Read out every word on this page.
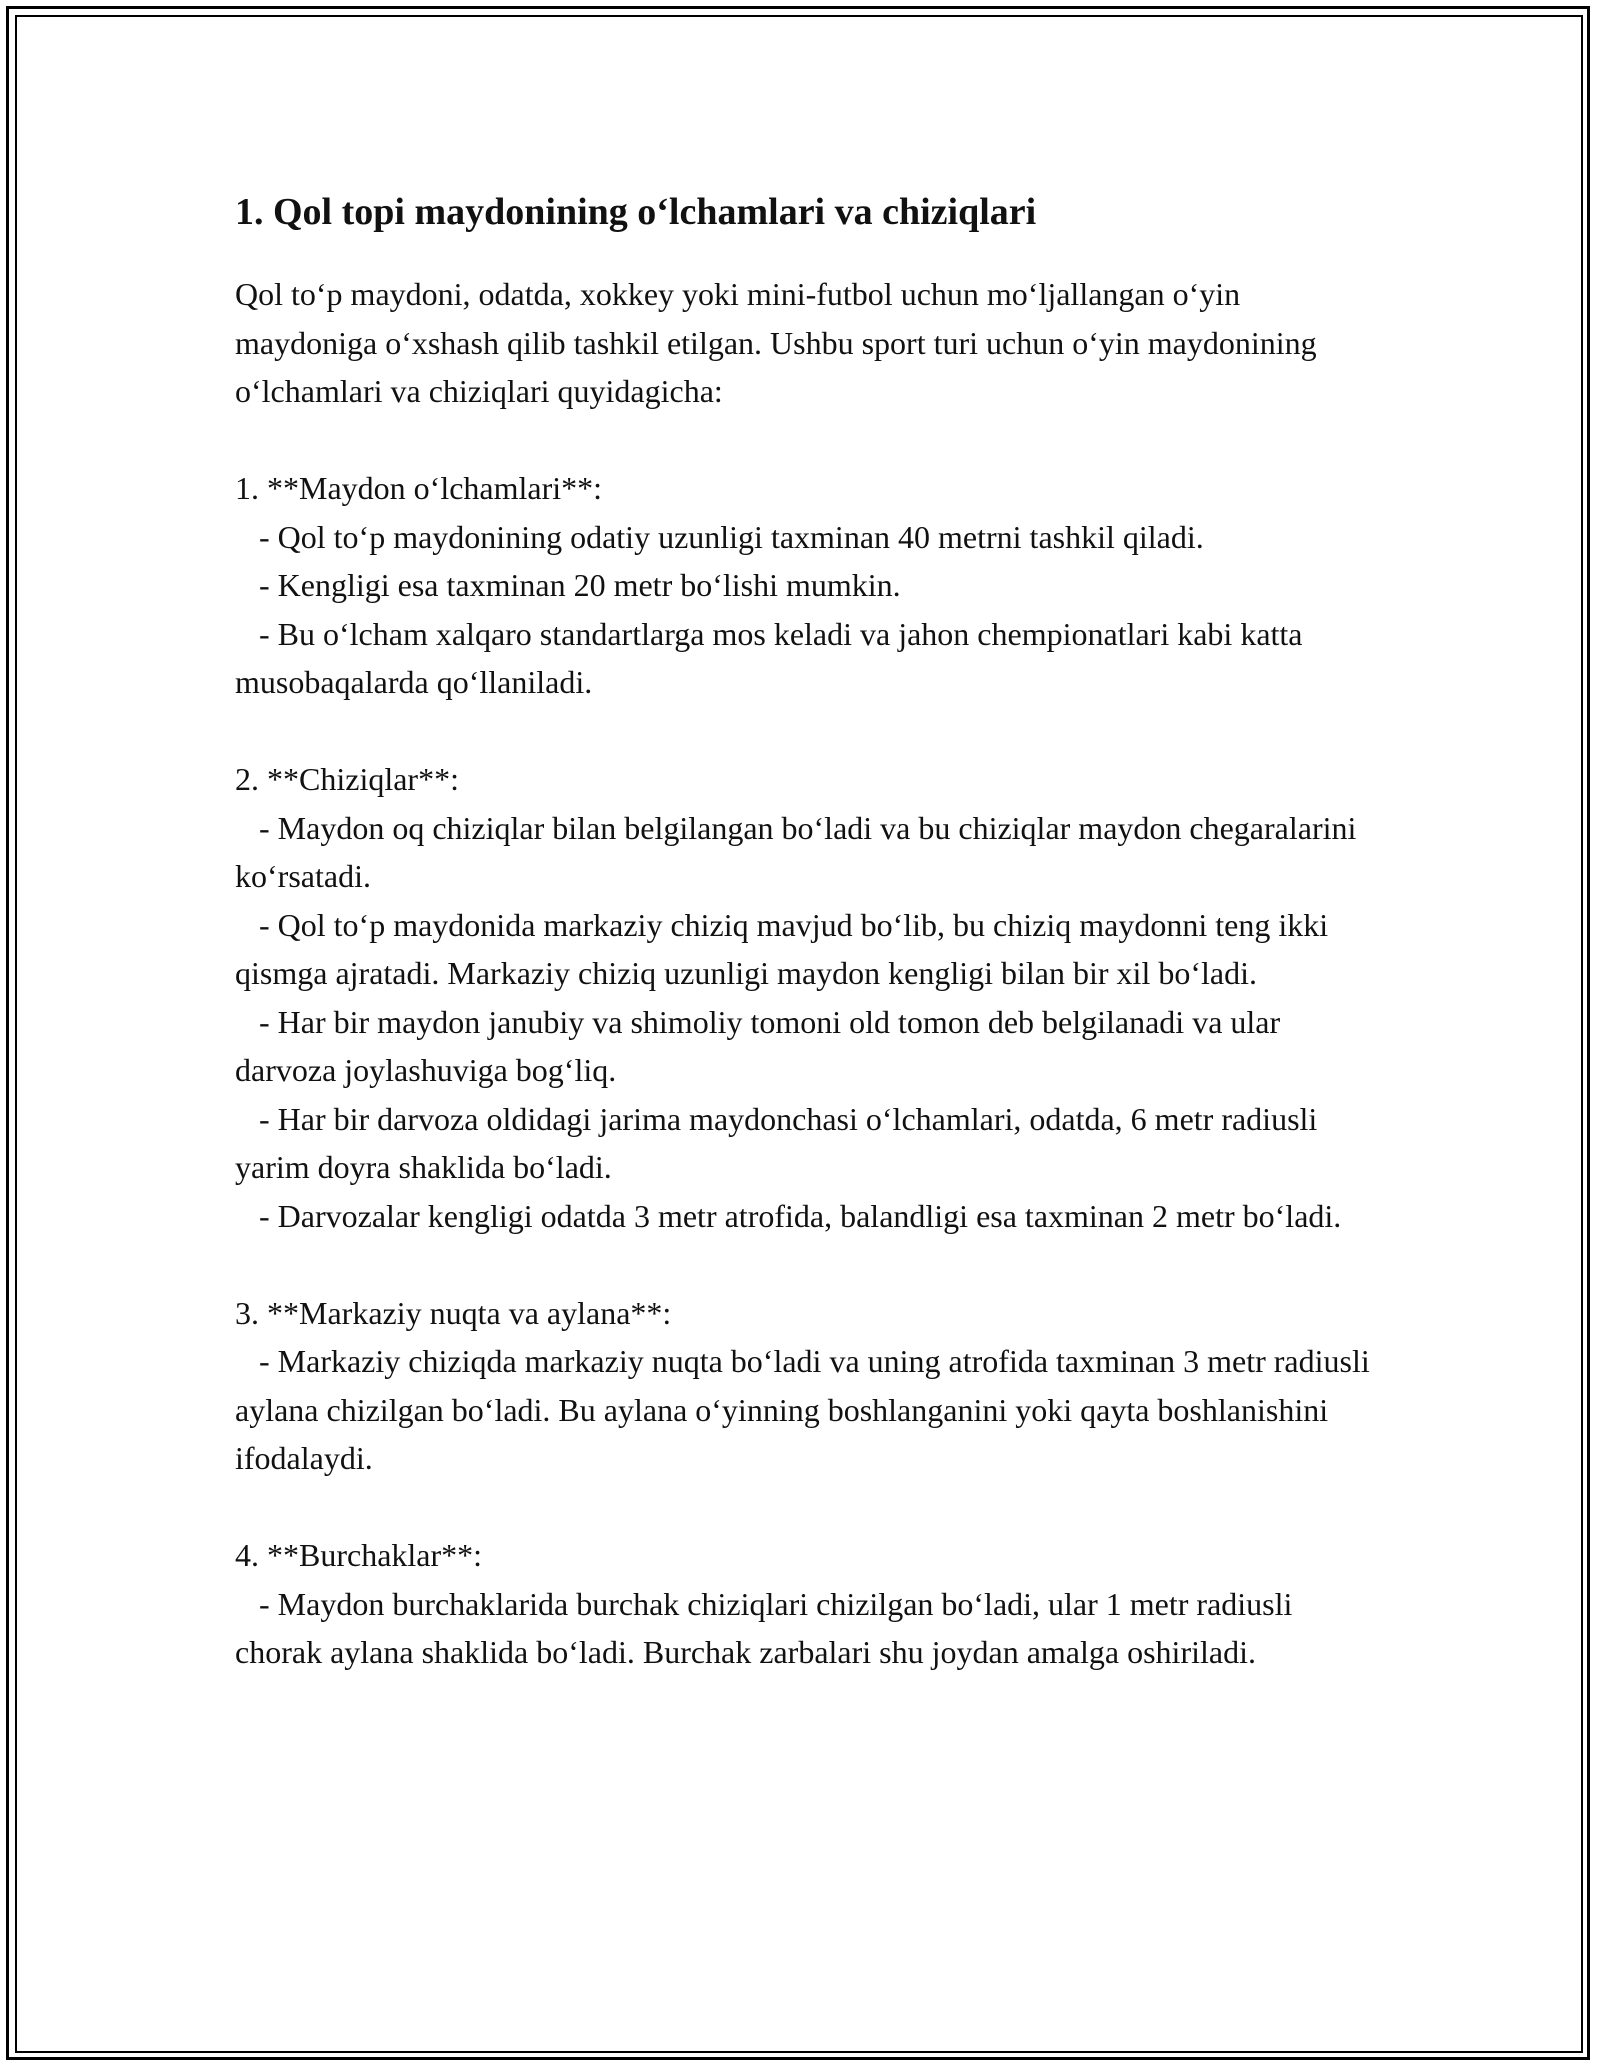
1. Qol topi maydonining o‘lchamlari va chiziqlari

Qol to‘p maydoni, odatda, xokkey yoki mini-futbol uchun mo‘ljallangan o‘yin maydoniga o‘xshash qilib tashkil etilgan. Ushbu sport turi uchun o‘yin maydonining o‘lchamlari va chiziqlari quyidagicha:

1. **Maydon o‘lchamlari**:

- Qol to‘p maydonining odatiy uzunligi taxminan 40 metrni tashkil qiladi.

- Kengligi esa taxminan 20 metr bo‘lishi mumkin.

- Bu o‘lcham xalqaro standartlarga mos keladi va jahon chempionatlari kabi katta musobaqalarda qo‘llaniladi.

2. **Chiziqlar**:

- Maydon oq chiziqlar bilan belgilangan bo‘ladi va bu chiziqlar maydon chegaralarini ko‘rsatadi.

- Qol to‘p maydonida markaziy chiziq mavjud bo‘lib, bu chiziq maydonni teng ikki qismga ajratadi. Markaziy chiziq uzunligi maydon kengligi bilan bir xil bo‘ladi.

- Har bir maydon janubiy va shimoliy tomoni old tomon deb belgilanadi va ular darvoza joylashuviga bog‘liq.

- Har bir darvoza oldidagi jarima maydonchasi o‘lchamlari, odatda, 6 metr radiusli yarim doyra shaklida bo‘ladi.

- Darvozalar kengligi odatda 3 metr atrofida, balandligi esa taxminan 2 metr bo‘ladi.

3. **Markaziy nuqta va aylana**:

- Markaziy chiziqda markaziy nuqta bo‘ladi va uning atrofida taxminan 3 metr radiusli aylana chizilgan bo‘ladi. Bu aylana o‘yinning boshlanganini yoki qayta boshlanishini ifodalaydi.

4. **Burchaklar**:

- Maydon burchaklarida burchak chiziqlari chizilgan bo‘ladi, ular 1 metr radiusli chorak aylana shaklida bo‘ladi. Burchak zarbalari shu joydan amalga oshiriladi.
